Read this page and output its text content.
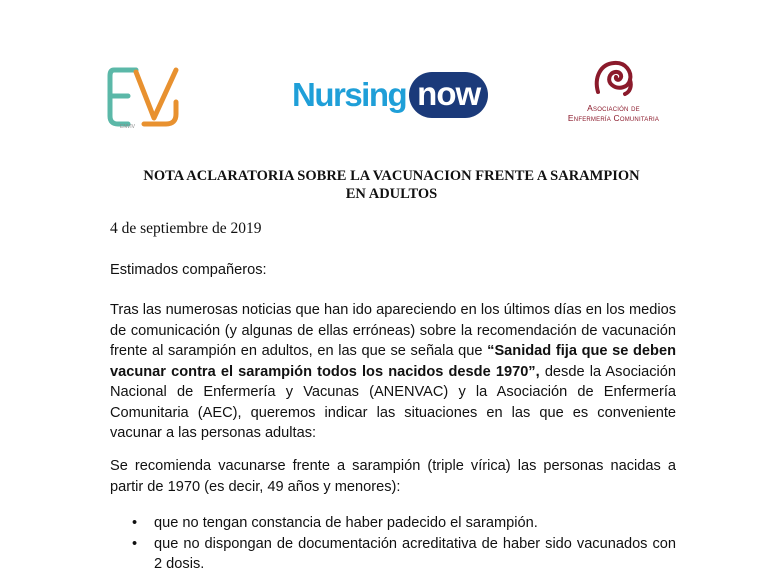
ENVIV
Nursing now	Asociación de
Enfermería Comunitaria
NOTA ACLARATORIA SOBRE LA VACUNACION FRENTE A SARAMPION
EN ADULTOS
4 de septiembre de 2019
Estimados compañeros:
Tras las numerosas noticias que han ido apareciendo en los últimos días en los medios de comunicación (y algunas de ellas erróneas) sobre la recomendación de vacunación frente al sarampión en adultos, en las que se señala que “Sanidad fija que se deben vacunar contra el sarampión todos los nacidos desde 1970”, desde la Asociación Nacional de Enfermería y Vacunas (ANENVAC) y la Asociación de Enfermería Comunitaria (AEC), queremos indicar las situaciones en las que es conveniente vacunar a las personas adultas:
Se recomienda vacunarse frente a sarampión (triple vírica) las personas nacidas a partir de 1970 (es decir, 49 años y menores):
• que no tengan constancia de haber padecido el sarampión.
• que no dispongan de documentación acreditativa de haber sido vacunados con 2 dosis.
